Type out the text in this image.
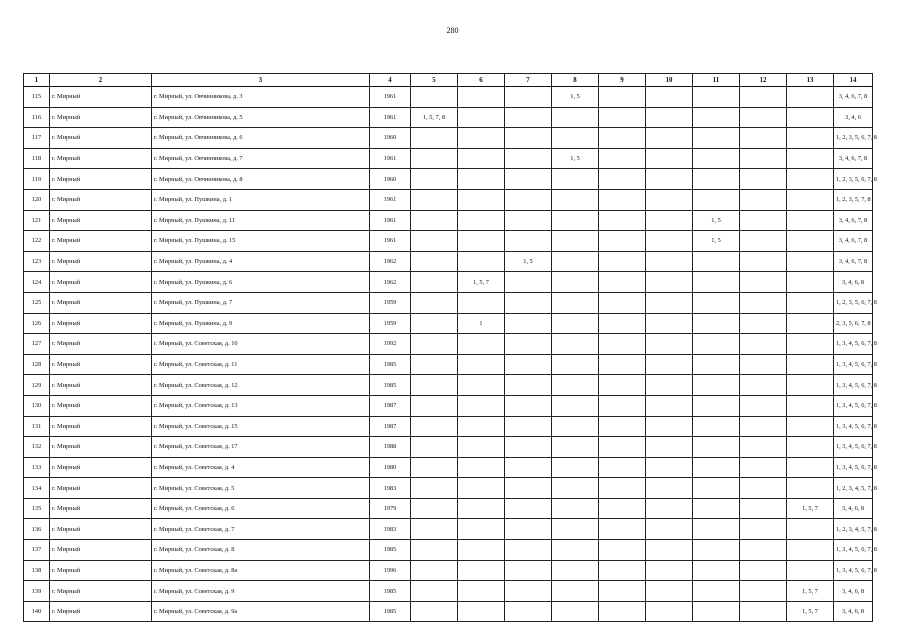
280
1	2	3	4	5	6	7	8	9	10	11	12	13	14
115	г. Мирный	г. Мирный, ул. Овчинникова, д. 3	1961				1, 5						3, 4, 6, 7, 8
116	г. Мирный	г. Мирный, ул. Овчинникова, д. 5	1961	1, 5, 7, 8									3, 4, 6
117	г. Мирный	г. Мирный, ул. Овчинникова, д. 6	1960										1, 2, 3, 5, 6, 7, 8
118	г. Мирный	г. Мирный, ул. Овчинникова, д. 7	1961				1, 5						3, 4, 6, 7, 8
119	г. Мирный	г. Мирный, ул. Овчинникова, д. 8	1960										1, 2, 3, 5, 6, 7, 8
120	г. Мирный	г. Мирный, ул. Пушкина, д. 1	1961										1, 2, 3, 5, 7, 8
121	г. Мирный	г. Мирный, ул. Пушкина, д. 11	1961							1, 5			3, 4, 6, 7, 8
122	г. Мирный	г. Мирный, ул. Пушкина, д. 15	1961							1, 5			3, 4, 6, 7, 8
123	г. Мирный	г. Мирный, ул. Пушкина, д. 4	1962			1, 5							3, 4, 6, 7, 8
124	г. Мирный	г. Мирный, ул. Пушкина, д. 6	1962		1, 5, 7								3, 4, 6, 8
125	г. Мирный	г. Мирный, ул. Пушкина, д. 7	1959										1, 2, 3, 5, 6, 7, 8
126	г. Мирный	г. Мирный, ул. Пушкина, д. 9	1959		1								2, 3, 5, 6, 7, 8
127	г. Мирный	г. Мирный, ул. Советская, д. 10	1992										1, 3, 4, 5, 6, 7, 8
128	г. Мирный	г. Мирный, ул. Советская, д. 11	1985										1, 3, 4, 5, 6, 7, 8
129	г. Мирный	г. Мирный, ул. Советская, д. 12	1985										1, 3, 4, 5, 6, 7, 8
130	г. Мирный	г. Мирный, ул. Советская, д. 13	1987										1, 3, 4, 5, 6, 7, 8
131	г. Мирный	г. Мирный, ул. Советская, д. 15	1987										1, 3, 4, 5, 6, 7, 8
132	г. Мирный	г. Мирный, ул. Советская, д. 17	1988										1, 3, 4, 5, 6, 7, 8
133	г. Мирный	г. Мирный, ул. Советская, д. 4	1980										1, 3, 4, 5, 6, 7, 8
134	г. Мирный	г. Мирный, ул. Советская, д. 5	1983										1, 2, 3, 4, 5, 7, 8
135	г. Мирный	г. Мирный, ул. Советская, д. 6	1979									1, 5, 7	3, 4, 6, 8
136	г. Мирный	г. Мирный, ул. Советская, д. 7	1983										1, 2, 3, 4, 5, 7, 8
137	г. Мирный	г. Мирный, ул. Советская, д. 8	1985										1, 3, 4, 5, 6, 7, 8
138	г. Мирный	г. Мирный, ул. Советская, д. 8а	1996										1, 3, 4, 5, 6, 7, 8
139	г. Мирный	г. Мирный, ул. Советская, д. 9	1985									1, 5, 7	3, 4, 6, 8
140	г. Мирный	г. Мирный, ул. Советская, д. 9а	1985									1, 5, 7	3, 4, 6, 8
